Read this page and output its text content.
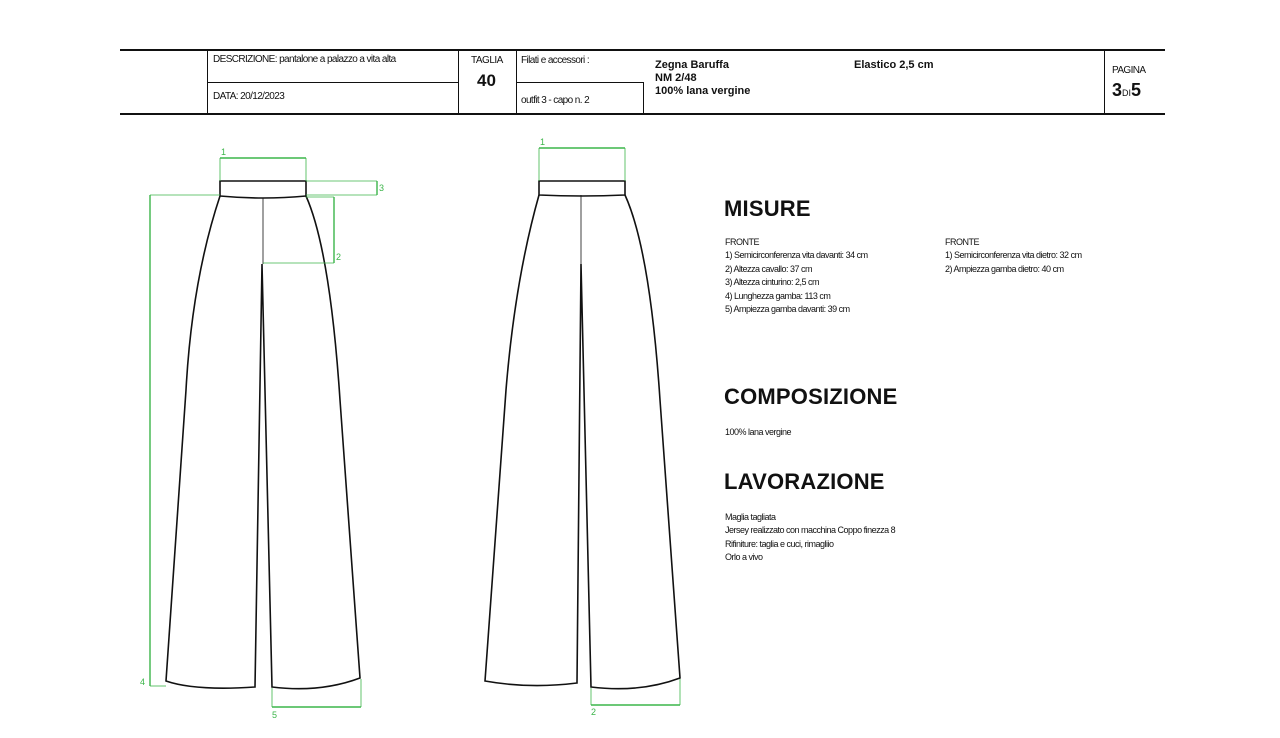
DESCRIZIONE: pantalone a palazzo a vita alta
DATA: 20/12/2023
TAGLIA
40
Filati e accessori :
outfit 3 - capo n. 2
Zegna Baruffa
NM 2/48
100% lana vergine
Elastico 2,5 cm	PAGINA
3DI5
1
3
2
4
5
1
2
MISURE
FRONTE
1) Semicirconferenza vita davanti: 34 cm
2) Altezza cavallo: 37 cm
3) Altezza cinturino: 2,5 cm
4) Lunghezza gamba: 113 cm
5) Ampiezza gamba davanti: 39 cm
FRONTE
1) Semicirconferenza vita dietro: 32 cm
2) Ampiezza gamba dietro: 40 cm
COMPOSIZIONE
100% lana vergine
LAVORAZIONE
Maglia tagliata
Jersey realizzato con macchina Coppo finezza 8
Rifiniture: taglia e cuci, rimagliio
Orlo a vivo
